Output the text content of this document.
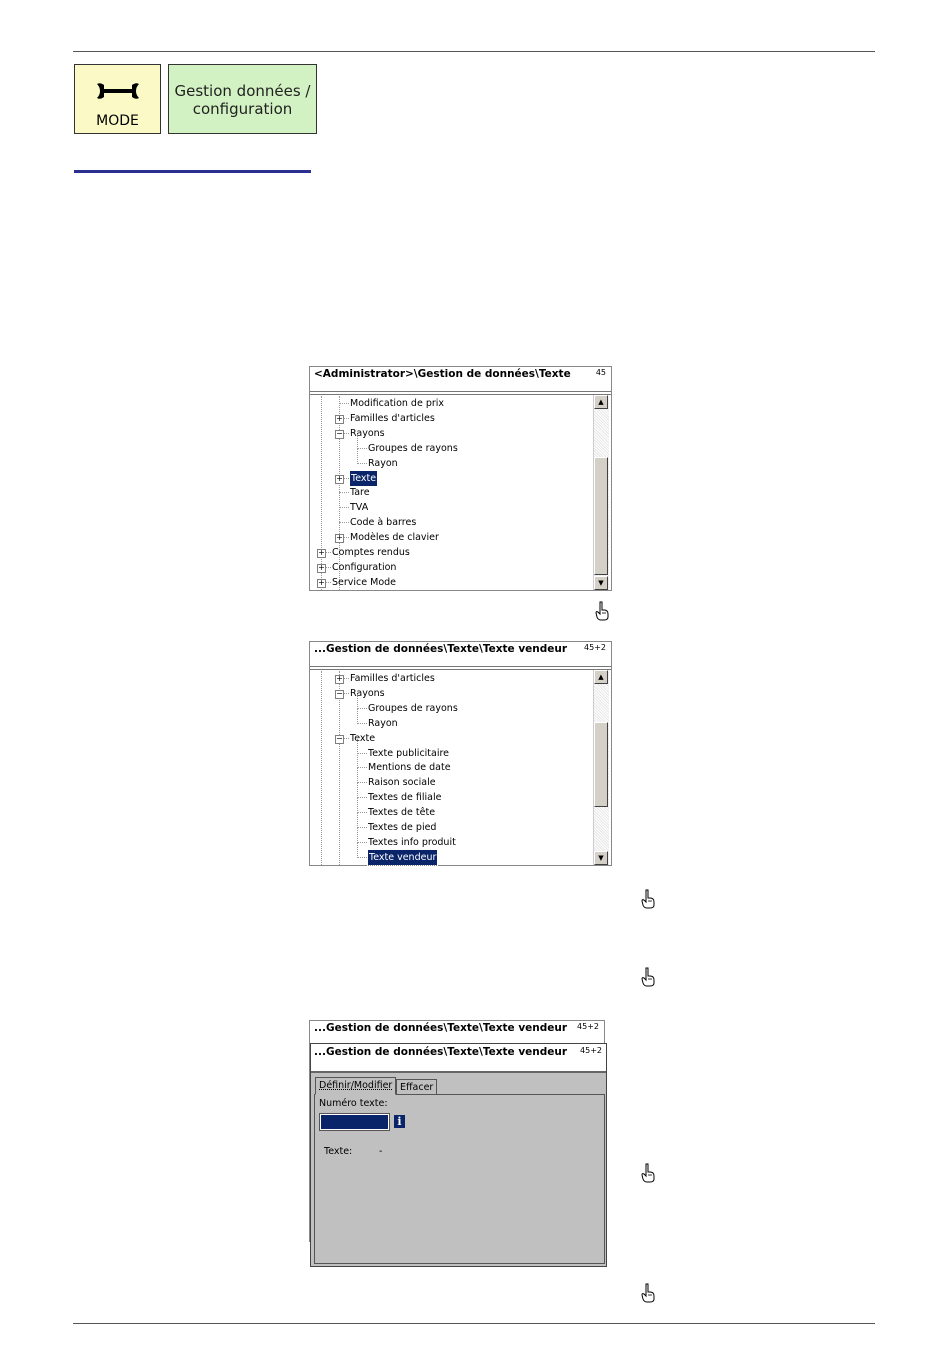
MODE
Gestion données /
configuration
<Administrator>\Gestion de données\Texte	45
Modification de prix
+ Familles d'articles
− Rayons
Groupes de rayons
Rayon
+ Texte
Tare
TVA
Code à barres
+ Modèles de clavier
+ Comptes rendus
+ Configuration
+ Service Mode
▲
▼
...Gestion de données\Texte\Texte vendeur 45+2
+ Familles d'articles
− Rayons
Groupes de rayons
Rayon
− Texte
Texte publicitaire
Mentions de date
Raison sociale
Textes de filiale
Textes de tête
Textes de pied
Textes info produit
Texte vendeur
▲
▼
...Gestion de données\Texte\Texte vendeur 45+2
...Gestion de données\Texte\Texte vendeur 45+2
Définir/Modifier Effacer
Numéro texte:
i
Texte:	-
